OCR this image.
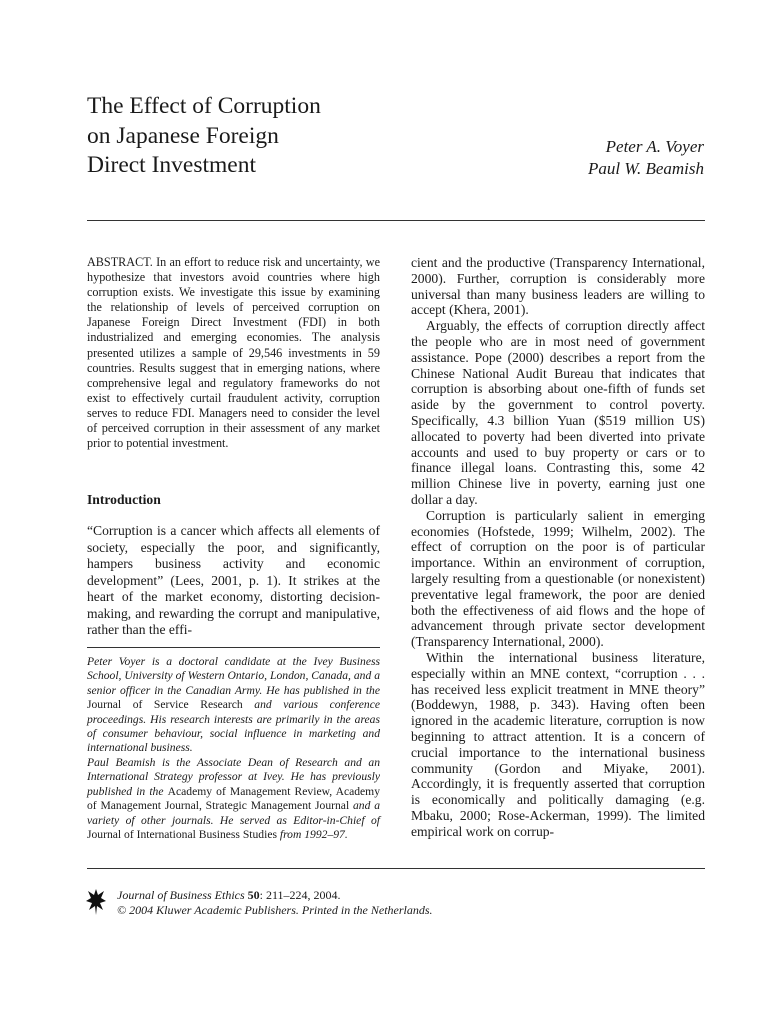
The Effect of Corruption
on Japanese Foreign
Direct Investment
Peter A. Voyer
Paul W. Beamish

ABSTRACT. In an effort to reduce risk and uncertainty, we hypothesize that investors avoid countries where high corruption exists. We investigate this issue by examining the relationship of levels of perceived corruption on Japanese Foreign Direct Investment (FDI) in both industrialized and emerging economies. The analysis presented utilizes a sample of 29,546 investments in 59 countries. Results suggest that in emerging nations, where comprehensive legal and regulatory frameworks do not exist to effectively curtail fraudulent activity, corruption serves to reduce FDI. Managers need to consider the level of perceived corruption in their assessment of any market prior to potential investment.

Introduction

“Corruption is a cancer which affects all elements of society, especially the poor, and significantly, hampers business activity and economic development” (Lees, 2001, p. 1). It strikes at the heart of the market economy, distorting decision-making, and rewarding the corrupt and manipulative, rather than the effi-

Peter Voyer is a doctoral candidate at the Ivey Business School, University of Western Ontario, London, Canada, and a senior officer in the Canadian Army. He has published in the Journal of Service Research and various conference proceedings. His research interests are primarily in the areas of consumer behaviour, social influence in marketing and international business.
Paul Beamish is the Associate Dean of Research and an International Strategy professor at Ivey. He has previously published in the Academy of Management Review, Academy of Management Journal, Strategic Management Journal and a variety of other journals. He served as Editor-in-Chief of Journal of International Business Studies from 1992–97.

cient and the productive (Transparency International, 2000). Further, corruption is considerably more universal than many business leaders are willing to accept (Khera, 2001).

Arguably, the effects of corruption directly affect the people who are in most need of government assistance. Pope (2000) describes a report from the Chinese National Audit Bureau that indicates that corruption is absorbing about one-fifth of funds set aside by the government to control poverty. Specifically, 4.3 billion Yuan ($519 million US) allocated to poverty had been diverted into private accounts and used to buy property or cars or to finance illegal loans. Contrasting this, some 42 million Chinese live in poverty, earning just one dollar a day.

Corruption is particularly salient in emerging economies (Hofstede, 1999; Wilhelm, 2002). The effect of corruption on the poor is of particular importance. Within an environment of corruption, largely resulting from a questionable (or nonexistent) preventative legal framework, the poor are denied both the effectiveness of aid flows and the hope of advancement through private sector development (Transparency International, 2000).

Within the international business literature, especially within an MNE context, “corruption . . . has received less explicit treatment in MNE theory” (Boddewyn, 1988, p. 343). Having often been ignored in the academic literature, corruption is now beginning to attract attention. It is a concern of crucial importance to the international business community (Gordon and Miyake, 2001). Accordingly, it is frequently asserted that corruption is economically and politically damaging (e.g. Mbaku, 2000; Rose-Ackerman, 1999). The limited empirical work on corrup-

Journal of Business Ethics 50: 211–224, 2004.
© 2004 Kluwer Academic Publishers. Printed in the Netherlands.
